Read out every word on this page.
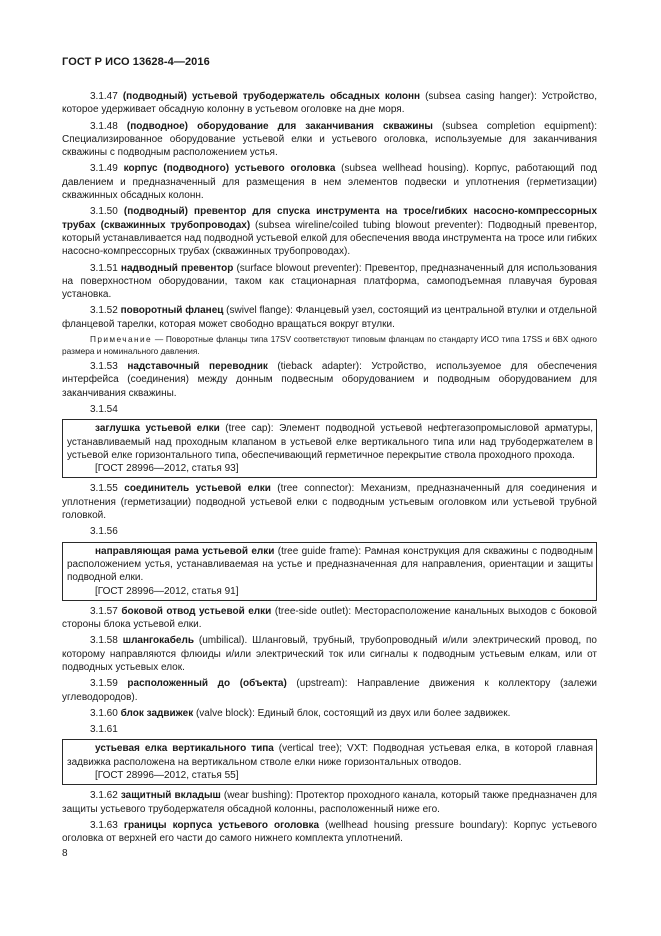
ГОСТ Р ИСО 13628-4—2016

3.1.47 (подводный) устьевой трубодержатель обсадных колонн (subsea casing hanger): Устройство, которое удерживает обсадную колонну в устьевом оголовке на дне моря.

3.1.48 (подводное) оборудование для заканчивания скважины (subsea completion equipment): Специализированное оборудование устьевой елки и устьевого оголовка, используемые для заканчивания скважины с подводным расположением устья.

3.1.49 корпус (подводного) устьевого оголовка (subsea wellhead housing). Корпус, работающий под давлением и предназначенный для размещения в нем элементов подвески и уплотнения (герметизации) скважинных обсадных колонн.

3.1.50 (подводный) превентор для спуска инструмента на тросе/гибких насосно-компрессорных трубах (скважинных трубопроводах) (subsea wireline/coiled tubing blowout preventer): Подводный превентор, который устанавливается над подводной устьевой елкой для обеспечения ввода инструмента на тросе или гибких насосно-компрессорных трубах (скважинных трубопроводах).

3.1.51 надводный превентор (surface blowout preventer): Превентор, предназначенный для использования на поверхностном оборудовании, таком как стационарная платформа, самоподъемная плавучая буровая установка.

3.1.52 поворотный фланец (swivel flange): Фланцевый узел, состоящий из центральной втулки и отдельной фланцевой тарелки, которая может свободно вращаться вокруг втулки.

Примечание — Поворотные фланцы типа 17SV соответствуют типовым фланцам по стандарту ИСО типа 17SS и 6BX одного размера и номинального давления.

3.1.53 надставочный переводник (tieback adapter): Устройство, используемое для обеспечения интерфейса (соединения) между донным подвесным оборудованием и подводным оборудованием для заканчивания скважины.

3.1.54

заглушка устьевой елки (tree cap): Элемент подводной устьевой нефтегазопромысловой арматуры, устанавливаемый над проходным клапаном в устьевой елке вертикального типа или над трубодержателем в устьевой елке горизонтального типа, обеспечивающий герметичное перекрытие ствола проходного прохода.

[ГОСТ 28996—2012, статья 93]

3.1.55 соединитель устьевой елки (tree connector): Механизм, предназначенный для соединения и уплотнения (герметизации) подводной устьевой елки с подводным устьевым оголовком или устьевой трубной головкой.

3.1.56

направляющая рама устьевой елки (tree guide frame): Рамная конструкция для скважины с подводным расположением устья, устанавливаемая на устье и предназначенная для направления, ориентации и защиты подводной елки.

[ГОСТ 28996—2012, статья 91]

3.1.57 боковой отвод устьевой елки (tree-side outlet): Месторасположение канальных выходов с боковой стороны блока устьевой елки.

3.1.58 шлангокабель (umbilical). Шланговый, трубный, трубопроводный и/или электрический провод, по которому направляются флюиды и/или электрический ток или сигналы к подводным устьевым елкам, или от подводных устьевых елок.

3.1.59 расположенный до (объекта) (upstream): Направление движения к коллектору (залежи углеводородов).

3.1.60 блок задвижек (valve block): Единый блок, состоящий из двух или более задвижек.

3.1.61

устьевая елка вертикального типа (vertical tree); VXT: Подводная устьевая елка, в которой главная задвижка расположена на вертикальном стволе елки ниже горизонтальных отводов.

[ГОСТ 28996—2012, статья 55]

3.1.62 защитный вкладыш (wear bushing): Протектор проходного канала, который также предназначен для защиты устьевого трубодержателя обсадной колонны, расположенный ниже его.

3.1.63 границы корпуса устьевого оголовка (wellhead housing pressure boundary): Корпус устьевого оголовка от верхней его части до самого нижнего комплекта уплотнений.

8
